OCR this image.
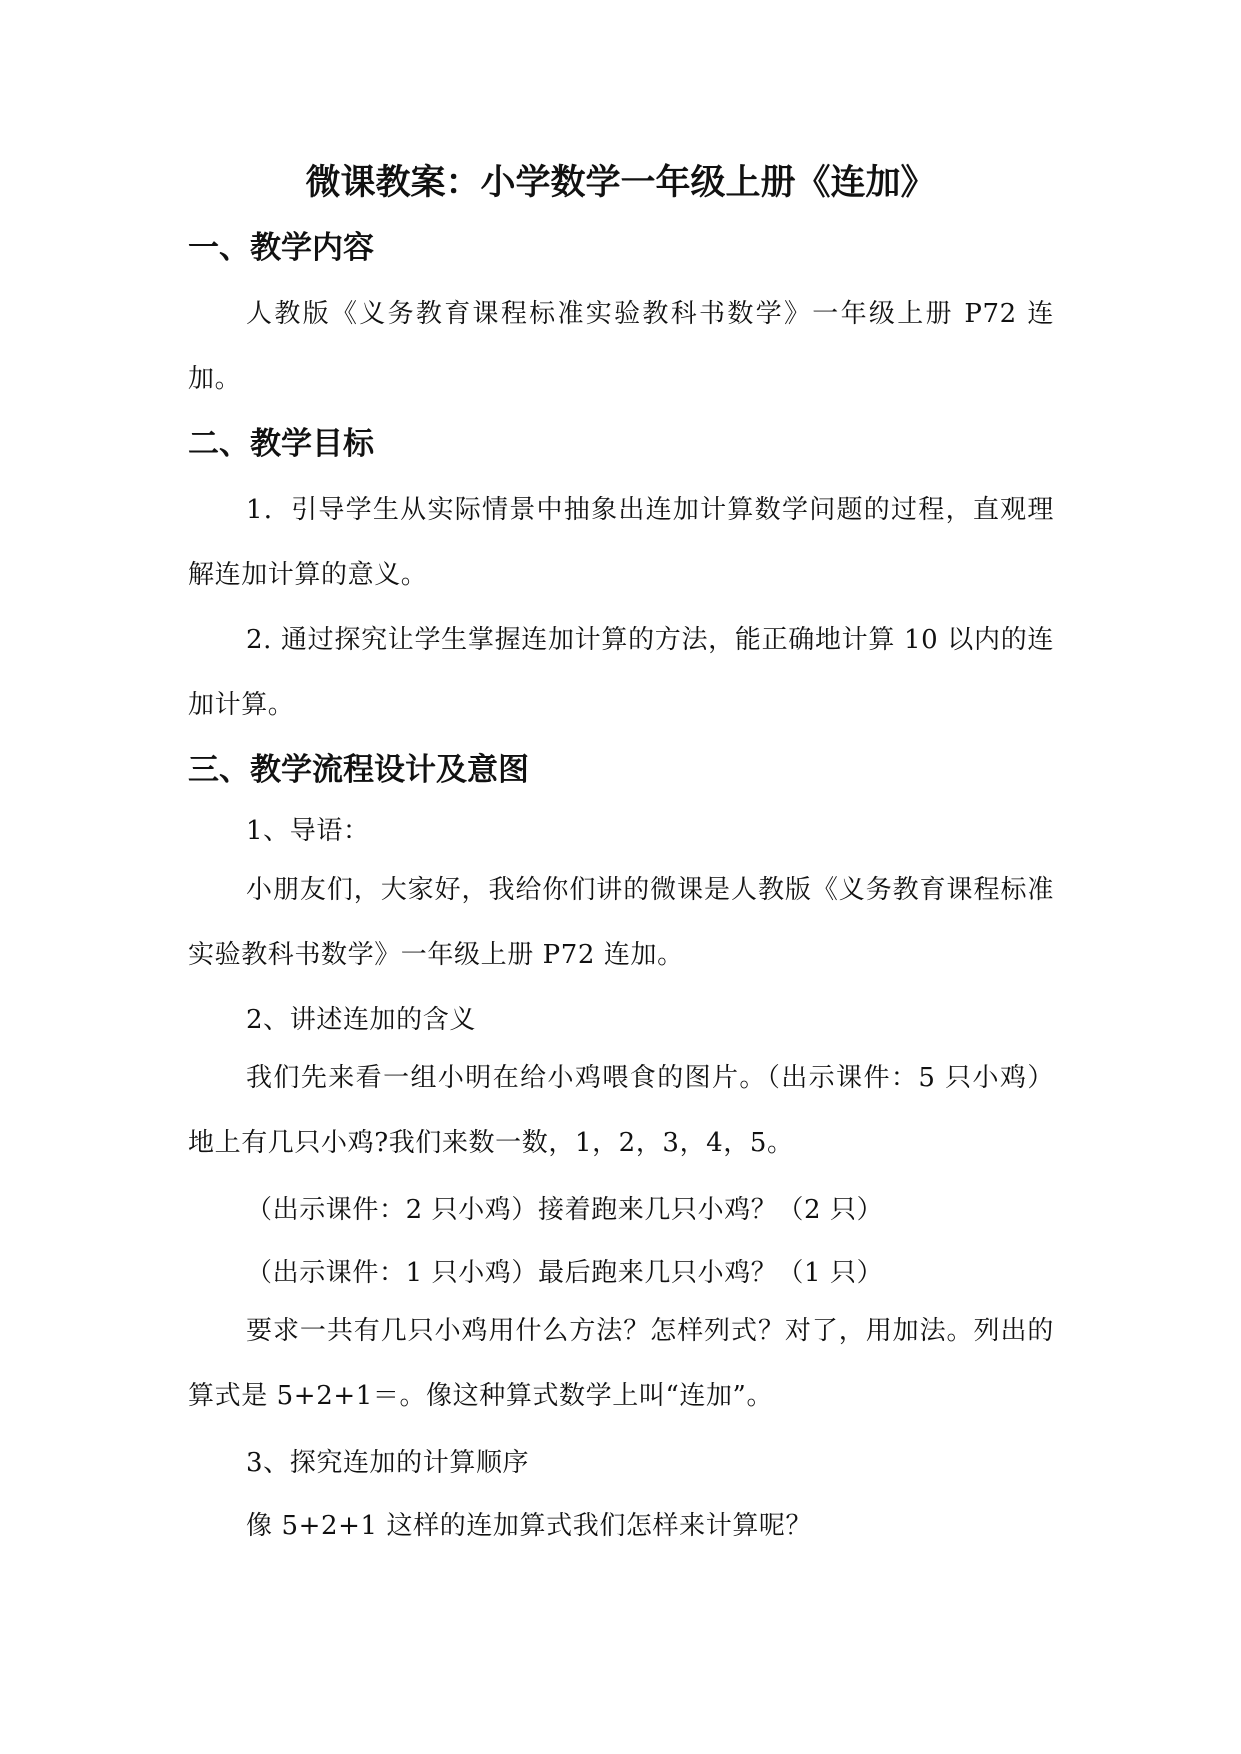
微课教案：小学数学一年级上册《连加》
一、教学内容
人教版《义务教育课程标准实验教科书数学》一年级上册 P72 连加。
二、教学目标
1．引导学生从实际情景中抽象出连加计算数学问题的过程，直观理解连加计算的意义。
2. 通过探究让学生掌握连加计算的方法，能正确地计算 10 以内的连加计算。
三、教学流程设计及意图
1、导语：
小朋友们，大家好，我给你们讲的微课是人教版《义务教育课程标准实验教科书数学》一年级上册 P72 连加。
2、讲述连加的含义
我们先来看一组小明在给小鸡喂食的图片。（出示课件：5 只小鸡）地上有几只小鸡?我们来数一数，1，2，3，4，5。
（出示课件：2 只小鸡）接着跑来几只小鸡？（2 只）
（出示课件：1 只小鸡）最后跑来几只小鸡？（1 只）
要求一共有几只小鸡用什么方法？怎样列式？对了，用加法。列出的算式是 5+2+1＝。像这种算式数学上叫“连加”。
3、探究连加的计算顺序
像 5+2+1 这样的连加算式我们怎样来计算呢？
